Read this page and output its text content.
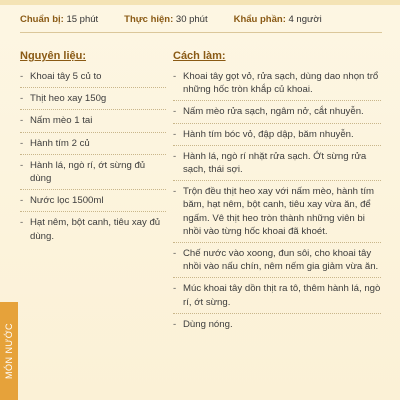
Chuẩn bị: 15 phút	Thực hiện: 30 phút	Khẩu phần: 4 người
Nguyên liệu:
- Khoai tây 5 củ to
- Thịt heo xay 150g
- Nấm mèo 1 tai
- Hành tím 2 củ
- Hành lá, ngò rí, ớt sừng đủ dùng
- Nước lọc 1500ml
- Hạt nêm, bột canh, tiêu xay đủ dùng.
Cách làm:
- Khoai tây gọt vỏ, rửa sạch, dùng dao nhọn trổ những hốc tròn khắp củ khoai.
- Nấm mèo rửa sạch, ngâm nở, cắt nhuyễn.
- Hành tím bóc vỏ, đập dập, băm nhuyễn.
- Hành lá, ngò rí nhặt rửa sạch. Ớt sừng rửa sạch, thái sợi.
- Trộn đều thịt heo xay với nấm mèo, hành tím băm, hạt nêm, bột canh, tiêu xay vừa ăn, để ngấm. Vê thịt heo tròn thành những viên bi nhồi vào từng hốc khoai đã khoét.
- Chế nước vào xoong, đun sôi, cho khoai tây nhồi vào nấu chín, nêm nếm gia giảm vừa ăn.
- Múc khoai tây dồn thịt ra tô, thêm hành lá, ngò rí, ớt sừng.
- Dùng nóng.
MÓN NƯỚC
